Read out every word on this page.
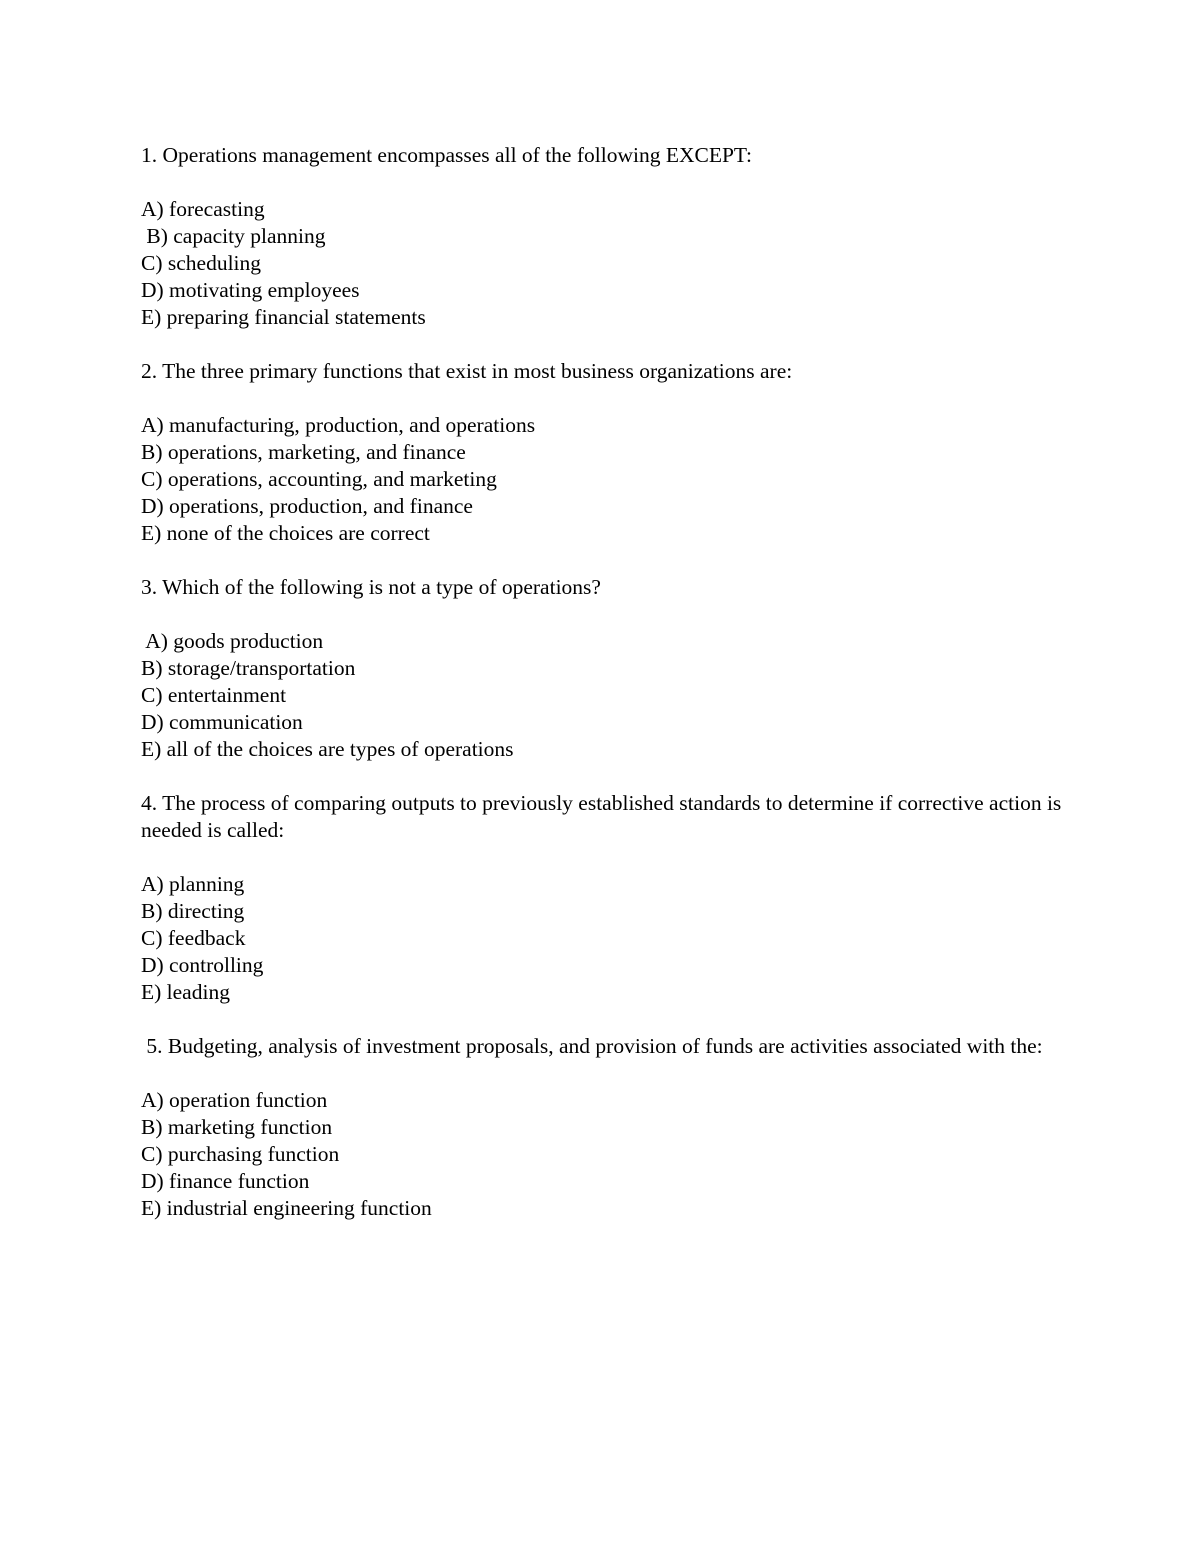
1. Operations management encompasses all of the following EXCEPT:
A) forecasting
B) capacity planning
C) scheduling
D) motivating employees
E) preparing financial statements
2. The three primary functions that exist in most business organizations are:
A) manufacturing, production, and operations
B) operations, marketing, and finance
C) operations, accounting, and marketing
D) operations, production, and finance
E) none of the choices are correct
3. Which of the following is not a type of operations?
A) goods production
B) storage/transportation
C) entertainment
D) communication
E) all of the choices are types of operations
4. The process of comparing outputs to previously established standards to determine if corrective action is needed is called:
A) planning
B) directing
C) feedback
D) controlling
E) leading
5. Budgeting, analysis of investment proposals, and provision of funds are activities associated with the:
A) operation function
B) marketing function
C) purchasing function
D) finance function
E) industrial engineering function
